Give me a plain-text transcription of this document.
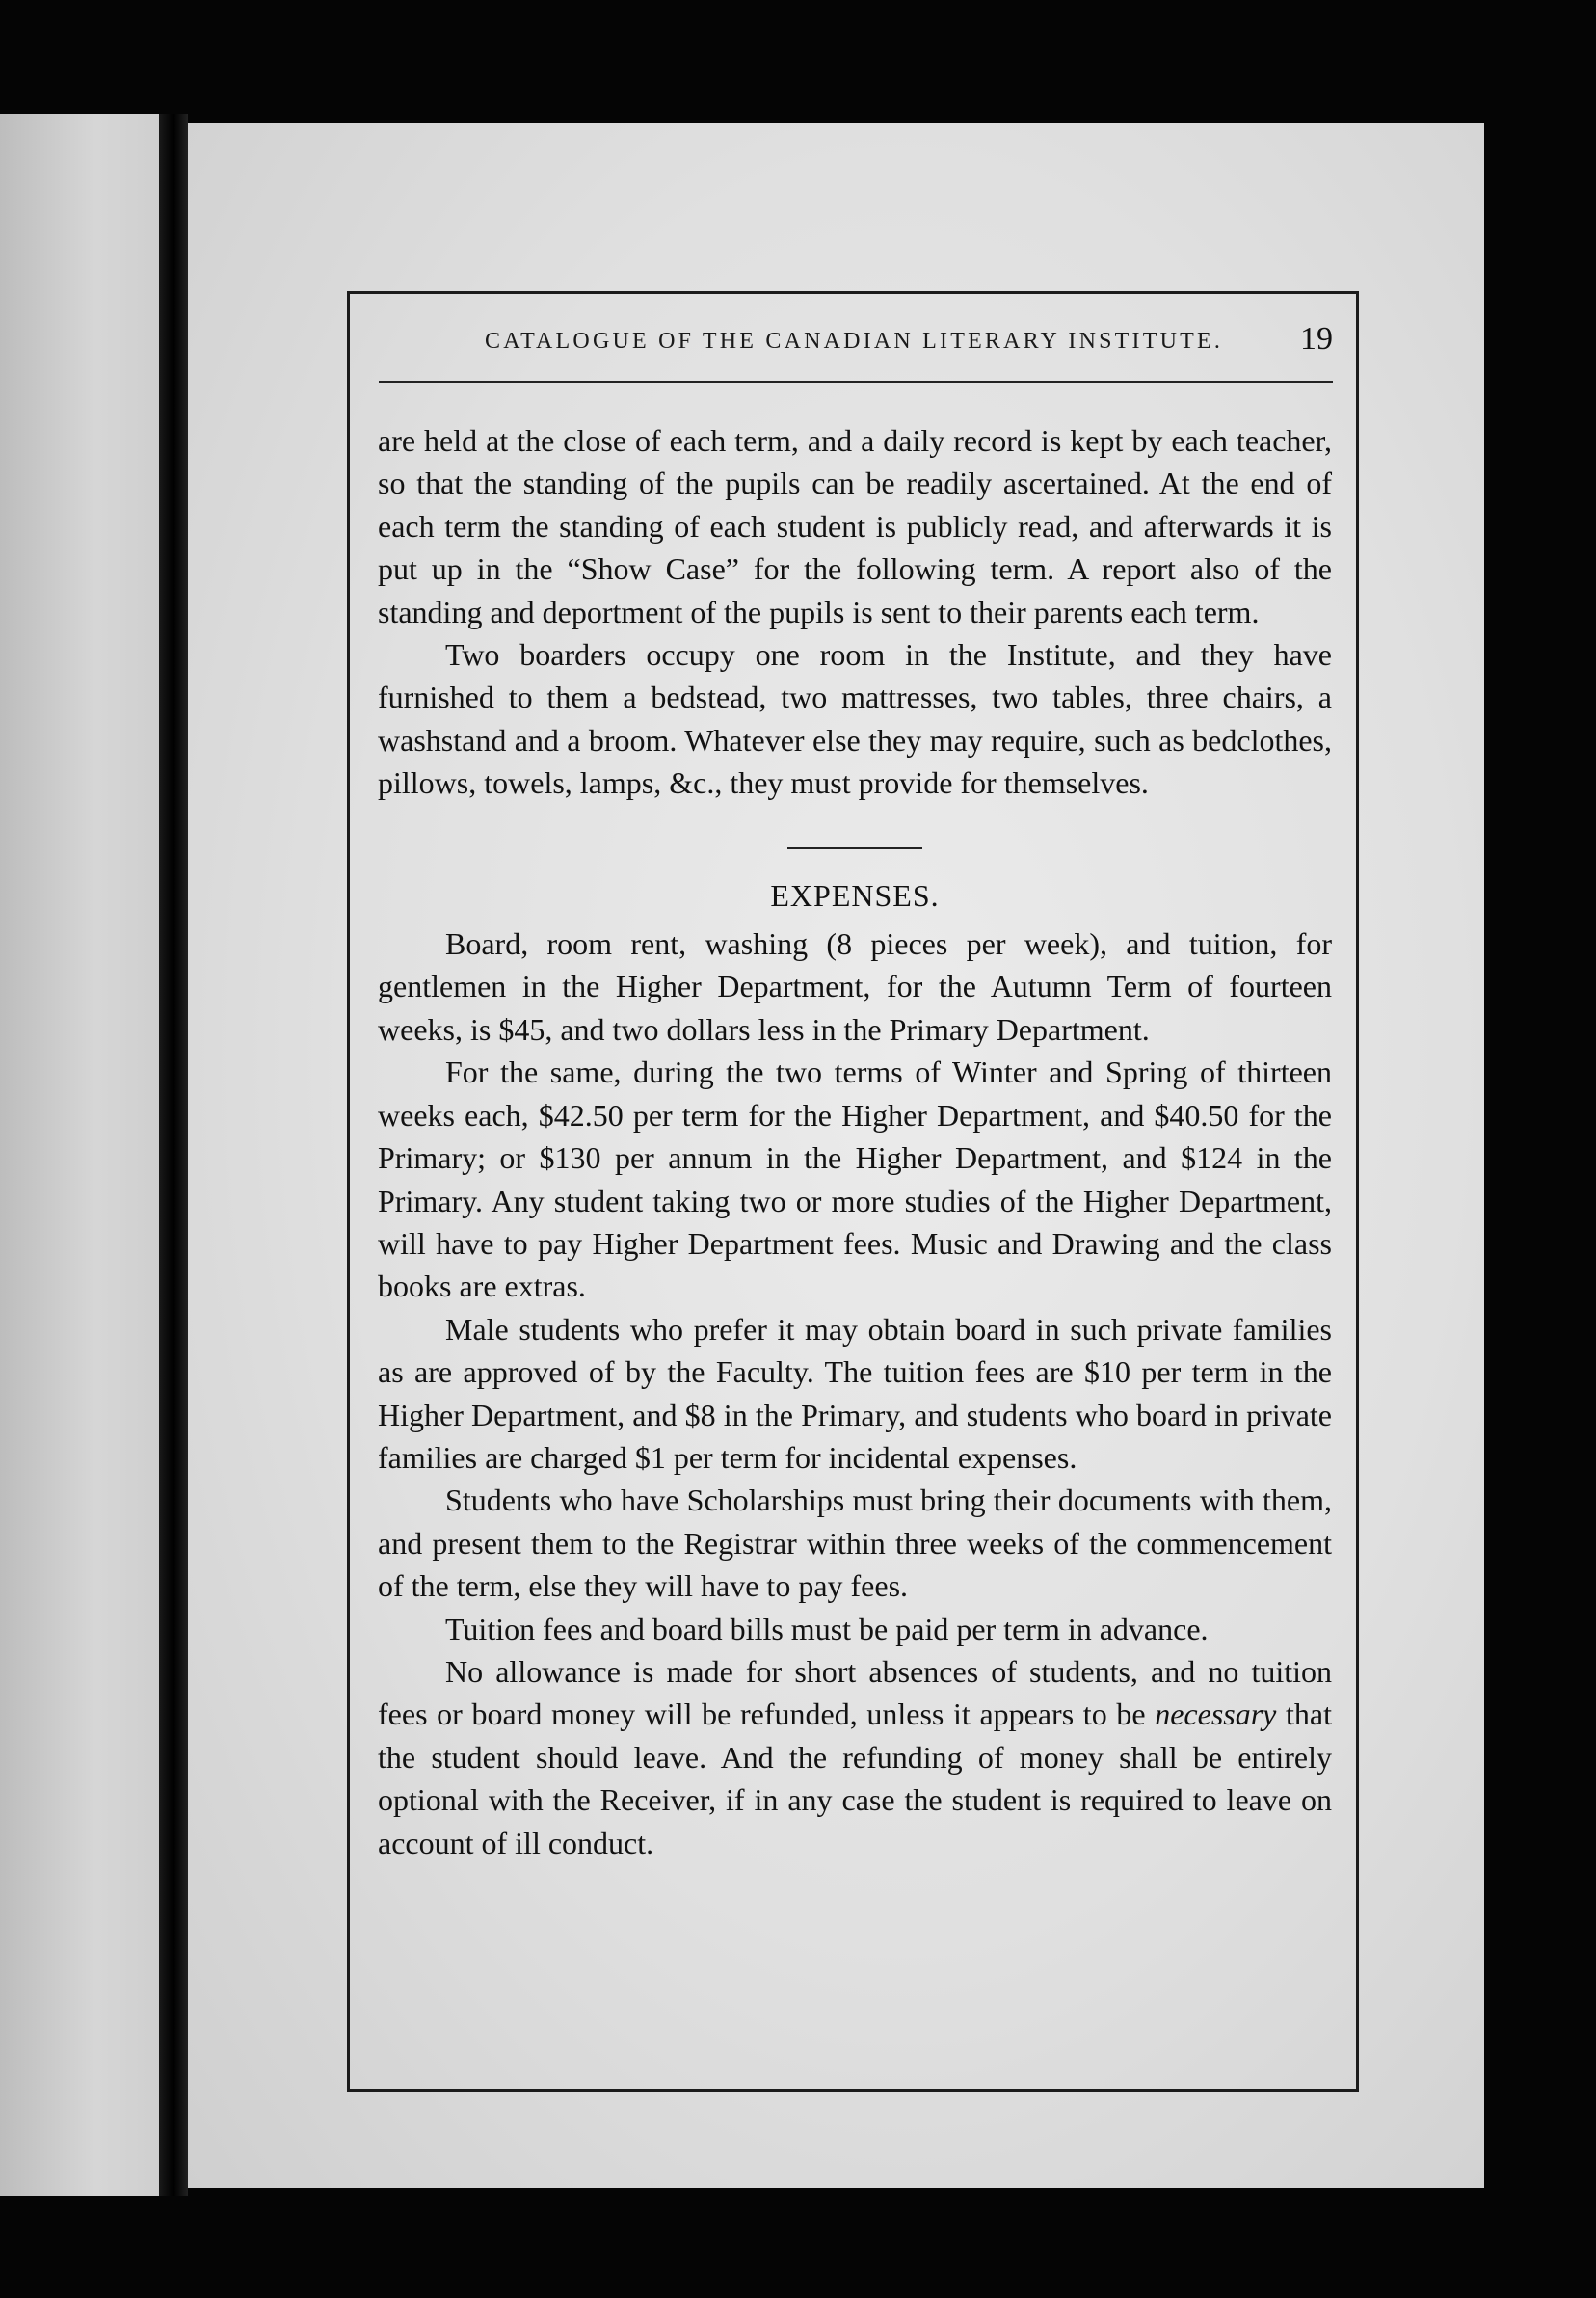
CATALOGUE OF THE CANADIAN LITERARY INSTITUTE. 19

are held at the close of each term, and a daily record is kept by each teacher, so that the standing of the pupils can be readily ascertained. At the end of each term the standing of each student is publicly read, and afterwards it is put up in the “Show Case” for the following term. A report also of the standing and deportment of the pupils is sent to their parents each term.

Two boarders occupy one room in the Institute, and they have furnished to them a bedstead, two mattresses, two tables, three chairs, a washstand and a broom. Whatever else they may require, such as bedclothes, pillows, towels, lamps, &c., they must provide for themselves.

EXPENSES.

Board, room rent, washing (8 pieces per week), and tuition, for gentlemen in the Higher Department, for the Autumn Term of fourteen weeks, is $45, and two dollars less in the Primary Department.

For the same, during the two terms of Winter and Spring of thirteen weeks each, $42.50 per term for the Higher Department, and $40.50 for the Primary; or $130 per annum in the Higher Department, and $124 in the Primary. Any student taking two or more studies of the Higher Department, will have to pay Higher Department fees. Music and Drawing and the class books are extras.

Male students who prefer it may obtain board in such private families as are approved of by the Faculty. The tuition fees are $10 per term in the Higher Department, and $8 in the Primary, and students who board in private families are charged $1 per term for incidental expenses.

Students who have Scholarships must bring their documents with them, and present them to the Registrar within three weeks of the commencement of the term, else they will have to pay fees.

Tuition fees and board bills must be paid per term in advance.

No allowance is made for short absences of students, and no tuition fees or board money will be refunded, unless it appears to be necessary that the student should leave. And the refunding of money shall be entirely optional with the Receiver, if in any case the student is required to leave on account of ill conduct.
